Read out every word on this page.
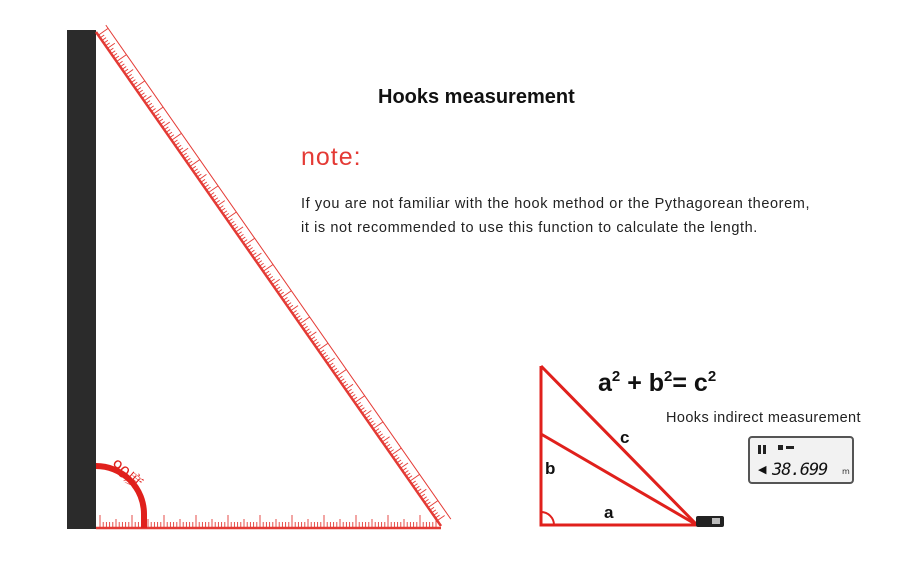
Hooks measurement
note:
If you are not familiar with the hook method or the Pythagorean theorem,
it is not recommended to use this function to calculate the length.
90度
$a^2 + b^2= c^2$
Hooks indirect measurement
c
b
a
◀ 38.699 m
